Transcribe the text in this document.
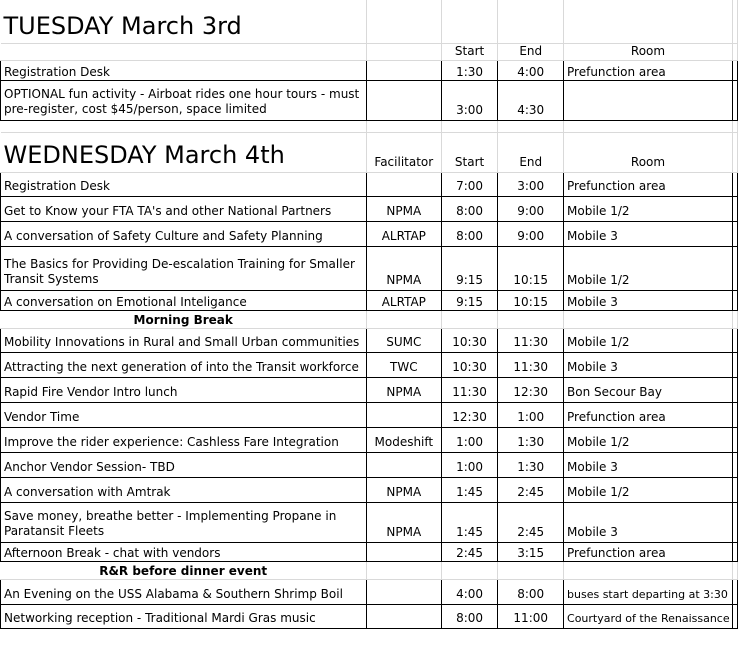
TUESDAY March 3rd					
		Start	End	Room	
Registration Desk		1:30	4:00	Prefunction area	
OPTIONAL fun activity - Airboat rides one hour tours - must pre-register, cost $45/person, space limited		3:00	4:30		

WEDNESDAY March 4th	Facilitator	Start	End	Room	
Registration Desk		7:00	3:00	Prefunction area	
Get to Know your FTA TA's and other National Partners	NPMA	8:00	9:00	Mobile 1/2	
A conversation of Safety Culture and Safety Planning	ALRTAP	8:00	9:00	Mobile 3	
The Basics for Providing De-escalation Training for Smaller Transit Systems	NPMA	9:15	10:15	Mobile 1/2	
A conversation on Emotional Inteligance	ALRTAP	9:15	10:15	Mobile 3	
Morning Break					
Mobility Innovations in Rural and Small Urban communities	SUMC	10:30	11:30	Mobile 1/2	
Attracting the next generation of into the Transit workforce	TWC	10:30	11:30	Mobile 3	
Rapid Fire Vendor Intro lunch	NPMA	11:30	12:30	Bon Secour Bay	
Vendor Time		12:30	1:00	Prefunction area	
Improve the rider experience: Cashless Fare Integration	Modeshift	1:00	1:30	Mobile 1/2	
Anchor Vendor Session- TBD		1:00	1:30	Mobile 3	
A conversation with Amtrak	NPMA	1:45	2:45	Mobile 1/2	
Save money, breathe better - Implementing Propane in Paratansit Fleets	NPMA	1:45	2:45	Mobile 3	
Afternoon Break - chat with vendors		2:45	3:15	Prefunction area	
R&R before dinner event					
An Evening on the USS Alabama & Southern Shrimp Boil		4:00	8:00	buses start departing at 3:30	
Networking reception - Traditional Mardi Gras music		8:00	11:00	Courtyard of the Renaissance	
